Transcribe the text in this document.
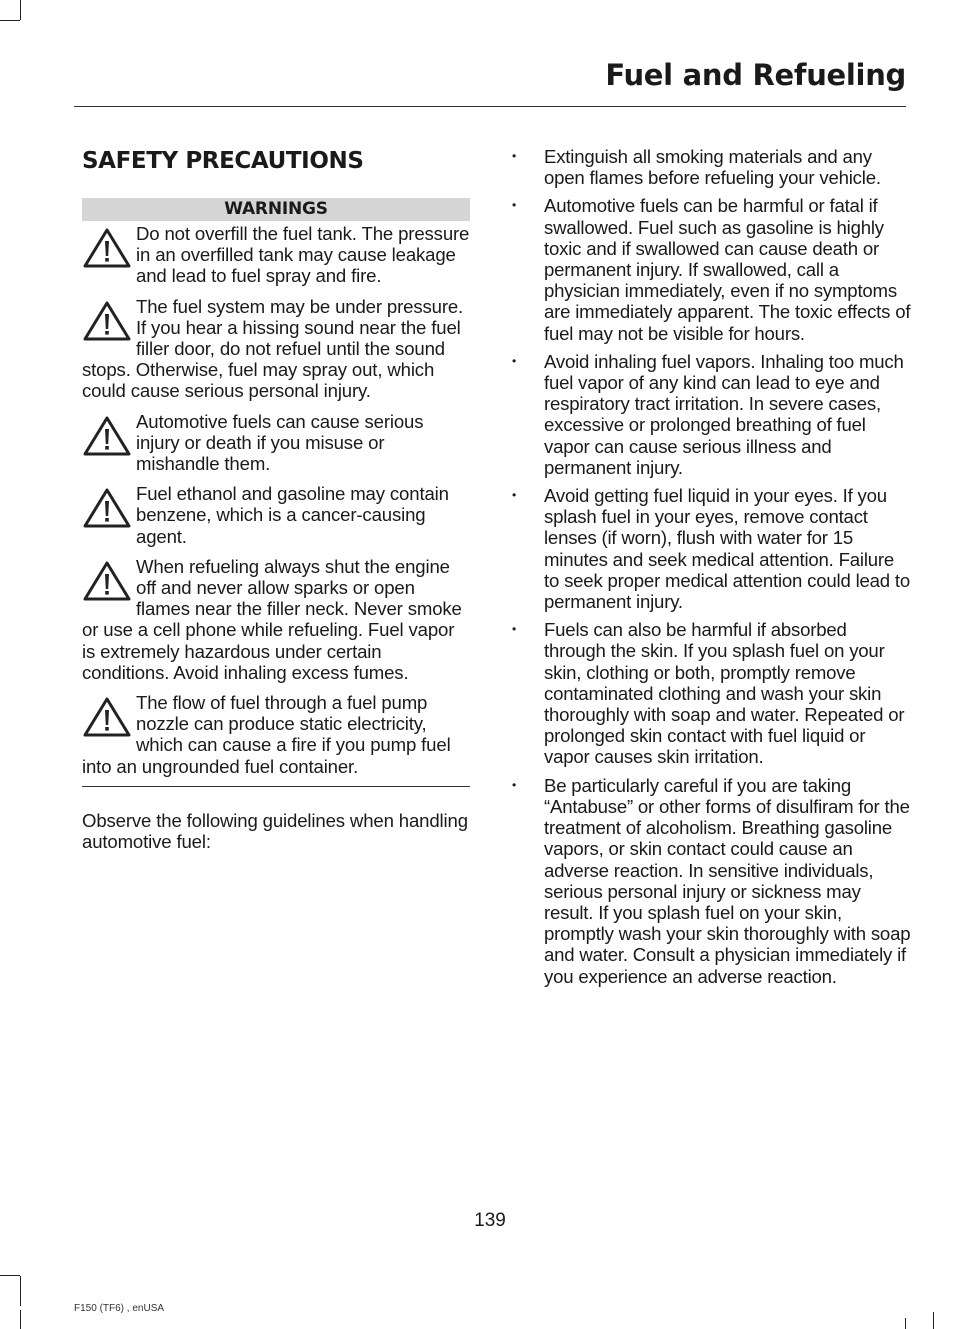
Fuel and Refueling
SAFETY PRECAUTIONS
WARNINGS

Do not overfill the fuel tank. The pressure in an overfilled tank may cause leakage and lead to fuel spray and fire.

The fuel system may be under pressure. If you hear a hissing sound near the fuel filler door, do not refuel until the sound stops. Otherwise, fuel may spray out, which could cause serious personal injury.

Automotive fuels can cause serious injury or death if you misuse or mishandle them.

Fuel ethanol and gasoline may contain benzene, which is a cancer-causing agent.

When refueling always shut the engine off and never allow sparks or open flames near the filler neck. Never smoke or use a cell phone while refueling. Fuel vapor is extremely hazardous under certain conditions. Avoid inhaling excess fumes.

The flow of fuel through a fuel pump nozzle can produce static electricity, which can cause a fire if you pump fuel into an ungrounded fuel container.

Observe the following guidelines when handling automotive fuel:
•	Extinguish all smoking materials and any open flames before refueling your vehicle.
•	Automotive fuels can be harmful or fatal if swallowed. Fuel such as gasoline is highly toxic and if swallowed can cause death or permanent injury. If swallowed, call a physician immediately, even if no symptoms are immediately apparent. The toxic effects of fuel may not be visible for hours.
•	Avoid inhaling fuel vapors. Inhaling too much fuel vapor of any kind can lead to eye and respiratory tract irritation. In severe cases, excessive or prolonged breathing of fuel vapor can cause serious illness and permanent injury.
•	Avoid getting fuel liquid in your eyes. If you splash fuel in your eyes, remove contact lenses (if worn), flush with water for 15 minutes and seek medical attention. Failure to seek proper medical attention could lead to permanent injury.
•	Fuels can also be harmful if absorbed through the skin. If you splash fuel on your skin, clothing or both, promptly remove contaminated clothing and wash your skin thoroughly with soap and water. Repeated or prolonged skin contact with fuel liquid or vapor causes skin irritation.
•	Be particularly careful if you are taking “Antabuse” or other forms of disulfiram for the treatment of alcoholism. Breathing gasoline vapors, or skin contact could cause an adverse reaction. In sensitive individuals, serious personal injury or sickness may result. If you splash fuel on your skin, promptly wash your skin thoroughly with soap and water. Consult a physician immediately if you experience an adverse reaction.
139
F150 (TF6) , enUSA
